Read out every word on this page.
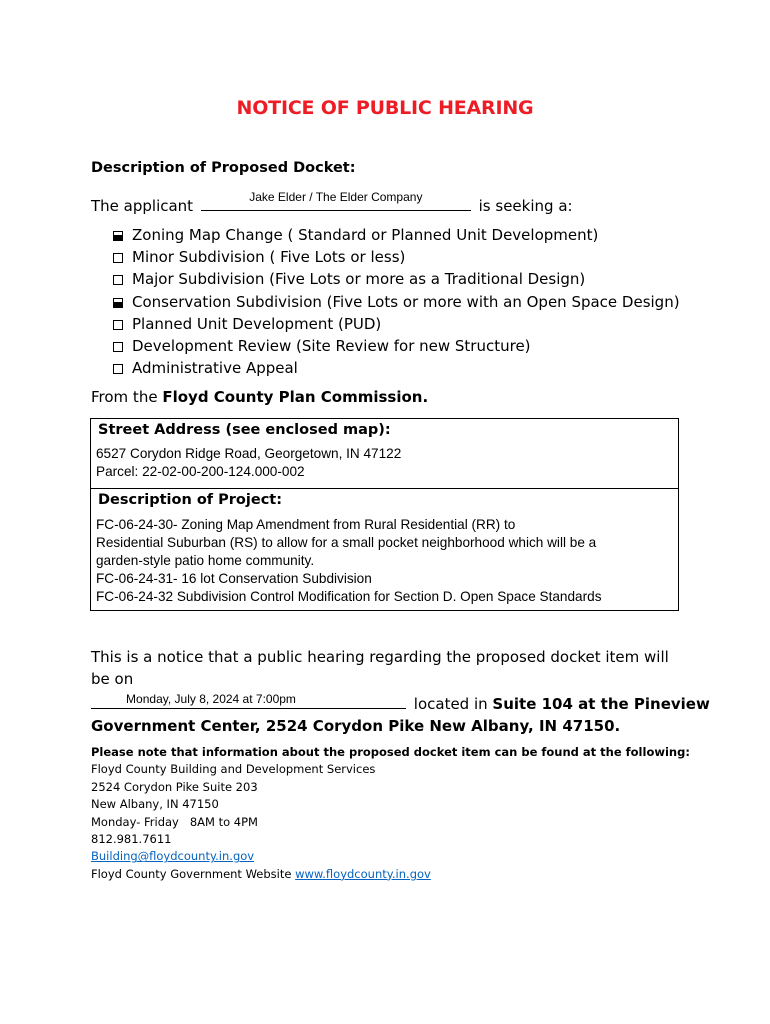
NOTICE OF PUBLIC HEARING
Description of Proposed Docket:
The applicant	Jake Elder / The Elder Company	is seeking a:
Zoning Map Change ( Standard or Planned Unit Development)
Minor Subdivision ( Five Lots or less)
Major Subdivision (Five Lots or more as a Traditional Design)
Conservation Subdivision (Five Lots or more with an Open Space Design)
Planned Unit Development (PUD)
Development Review (Site Review for new Structure)
Administrative Appeal
From the Floyd County Plan Commission.
Street Address (see enclosed map):
6527 Corydon Ridge Road, Georgetown, IN 47122
Parcel: 22-02-00-200-124.000-002
Description of Project:
FC-06-24-30- Zoning Map Amendment from Rural Residential (RR) to
Residential Suburban (RS) to allow for a small pocket neighborhood which will be a
garden-style patio home community.
FC-06-24-31- 16 lot Conservation Subdivision
FC-06-24-32 Subdivision Control Modification for Section D. Open Space Standards
This is a notice that a public hearing regarding the proposed docket item will be on
Monday, July 8, 2024 at 7:00pm	located in Suite 104 at the Pineview
Government Center, 2524 Corydon Pike New Albany, IN 47150.
Please note that information about the proposed docket item can be found at the following:
Floyd County Building and Development Services
2524 Corydon Pike Suite 203
New Albany, IN 47150
Monday- Friday   8AM to 4PM
812.981.7611
Building@floydcounty.in.gov
Floyd County Government Website www.floydcounty.in.gov
